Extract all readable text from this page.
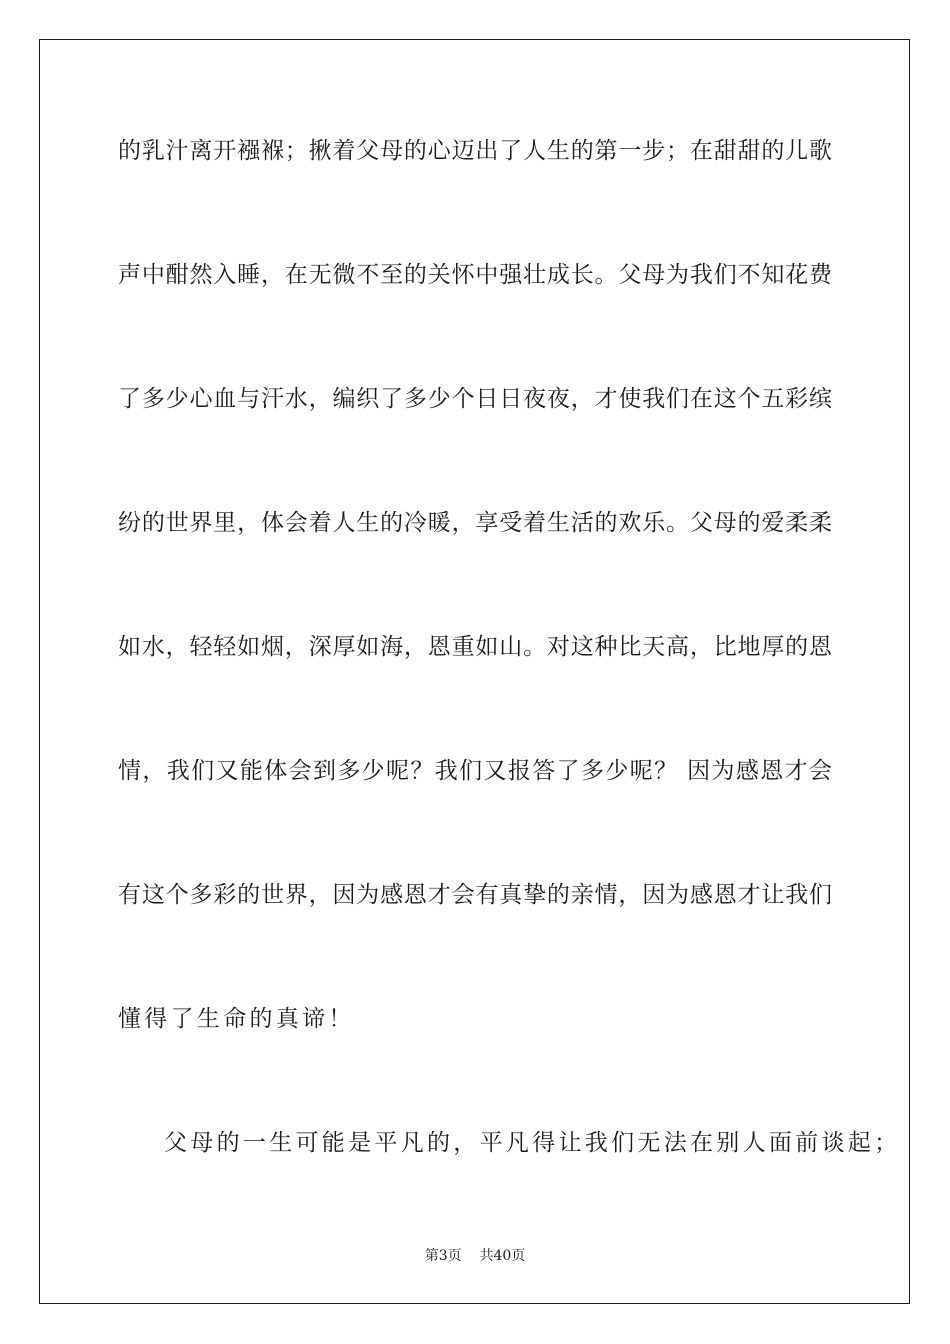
的乳汁离开襁褓；揪着父母的心迈出了人生的第一步；在甜甜的儿歌
声中酣然入睡，在无微不至的关怀中强壮成长。父母为我们不知花费
了多少心血与汗水，编织了多少个日日夜夜，才使我们在这个五彩缤
纷的世界里，体会着人生的冷暖，享受着生活的欢乐。父母的爱柔柔
如水，轻轻如烟，深厚如海，恩重如山。对这种比天高，比地厚的恩
情，我们又能体会到多少呢？我们又报答了多少呢？ 因为感恩才会
有这个多彩的世界，因为感恩才会有真挚的亲情，因为感恩才让我们
懂得了生命的真谛！
父母的一生可能是平凡的，平凡得让我们无法在别人面前谈起；
第3页 共40页
